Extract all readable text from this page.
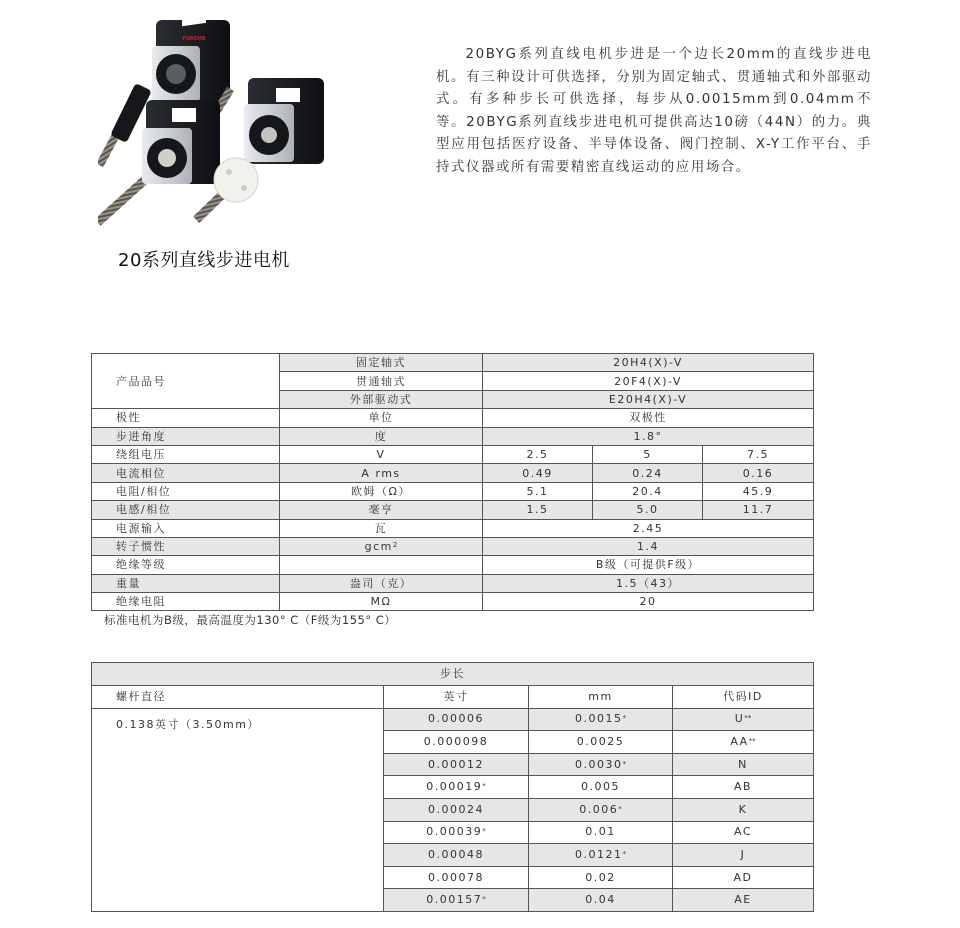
FOREME
20系列直线步进电机

20BYG系列直线电机步进是一个边长20mm的直线步进电机。有三种设计可供选择，分别为固定轴式、贯通轴式和外部驱动式。有多种步长可供选择，每步从0.0015mm到0.04mm不等。20BYG系列直线步进电机可提供高达10磅（44N）的力。典型应用包括医疗设备、半导体设备、阀门控制、X-Y工作平台、手持式仪器或所有需要精密直线运动的应用场合。

产品品号	固定轴式	20H4(X)-V		
	贯通轴式	20F4(X)-V		
	外部驱动式	E20H4(X)-V		
极性	单位	双极性		
步进角度	度	1.8°		
绕组电压	V	2.5	5	7.5
电流相位	A rms	0.49	0.24	0.16
电阻/相位	欧姆（Ω）	5.1	20.4	45.9
电感/相位	毫亨	1.5	5.0	11.7
电源输入	瓦	2.45		
转子惯性	gcm$^2$	1.4		
绝缘等级		B级（可提供F级）		
重量	盎司（克）	1.5（43）		
绝缘电阻	MΩ	20		
标准电机为B级，最高温度为130° C（F级为155° C）
步长			
螺杆直径	英寸	mm	代码ID
0.138英寸（3.50mm）	0.00006	0.0015*	U**
	0.000098	0.0025	AA**
	0.00012	0.0030*	N
	0.00019*	0.005	AB
	0.00024	0.006*	K
	0.00039*	0.01	AC
	0.00048	0.0121*	J
	0.00078	0.02	AD
	0.00157*	0.04	AE
